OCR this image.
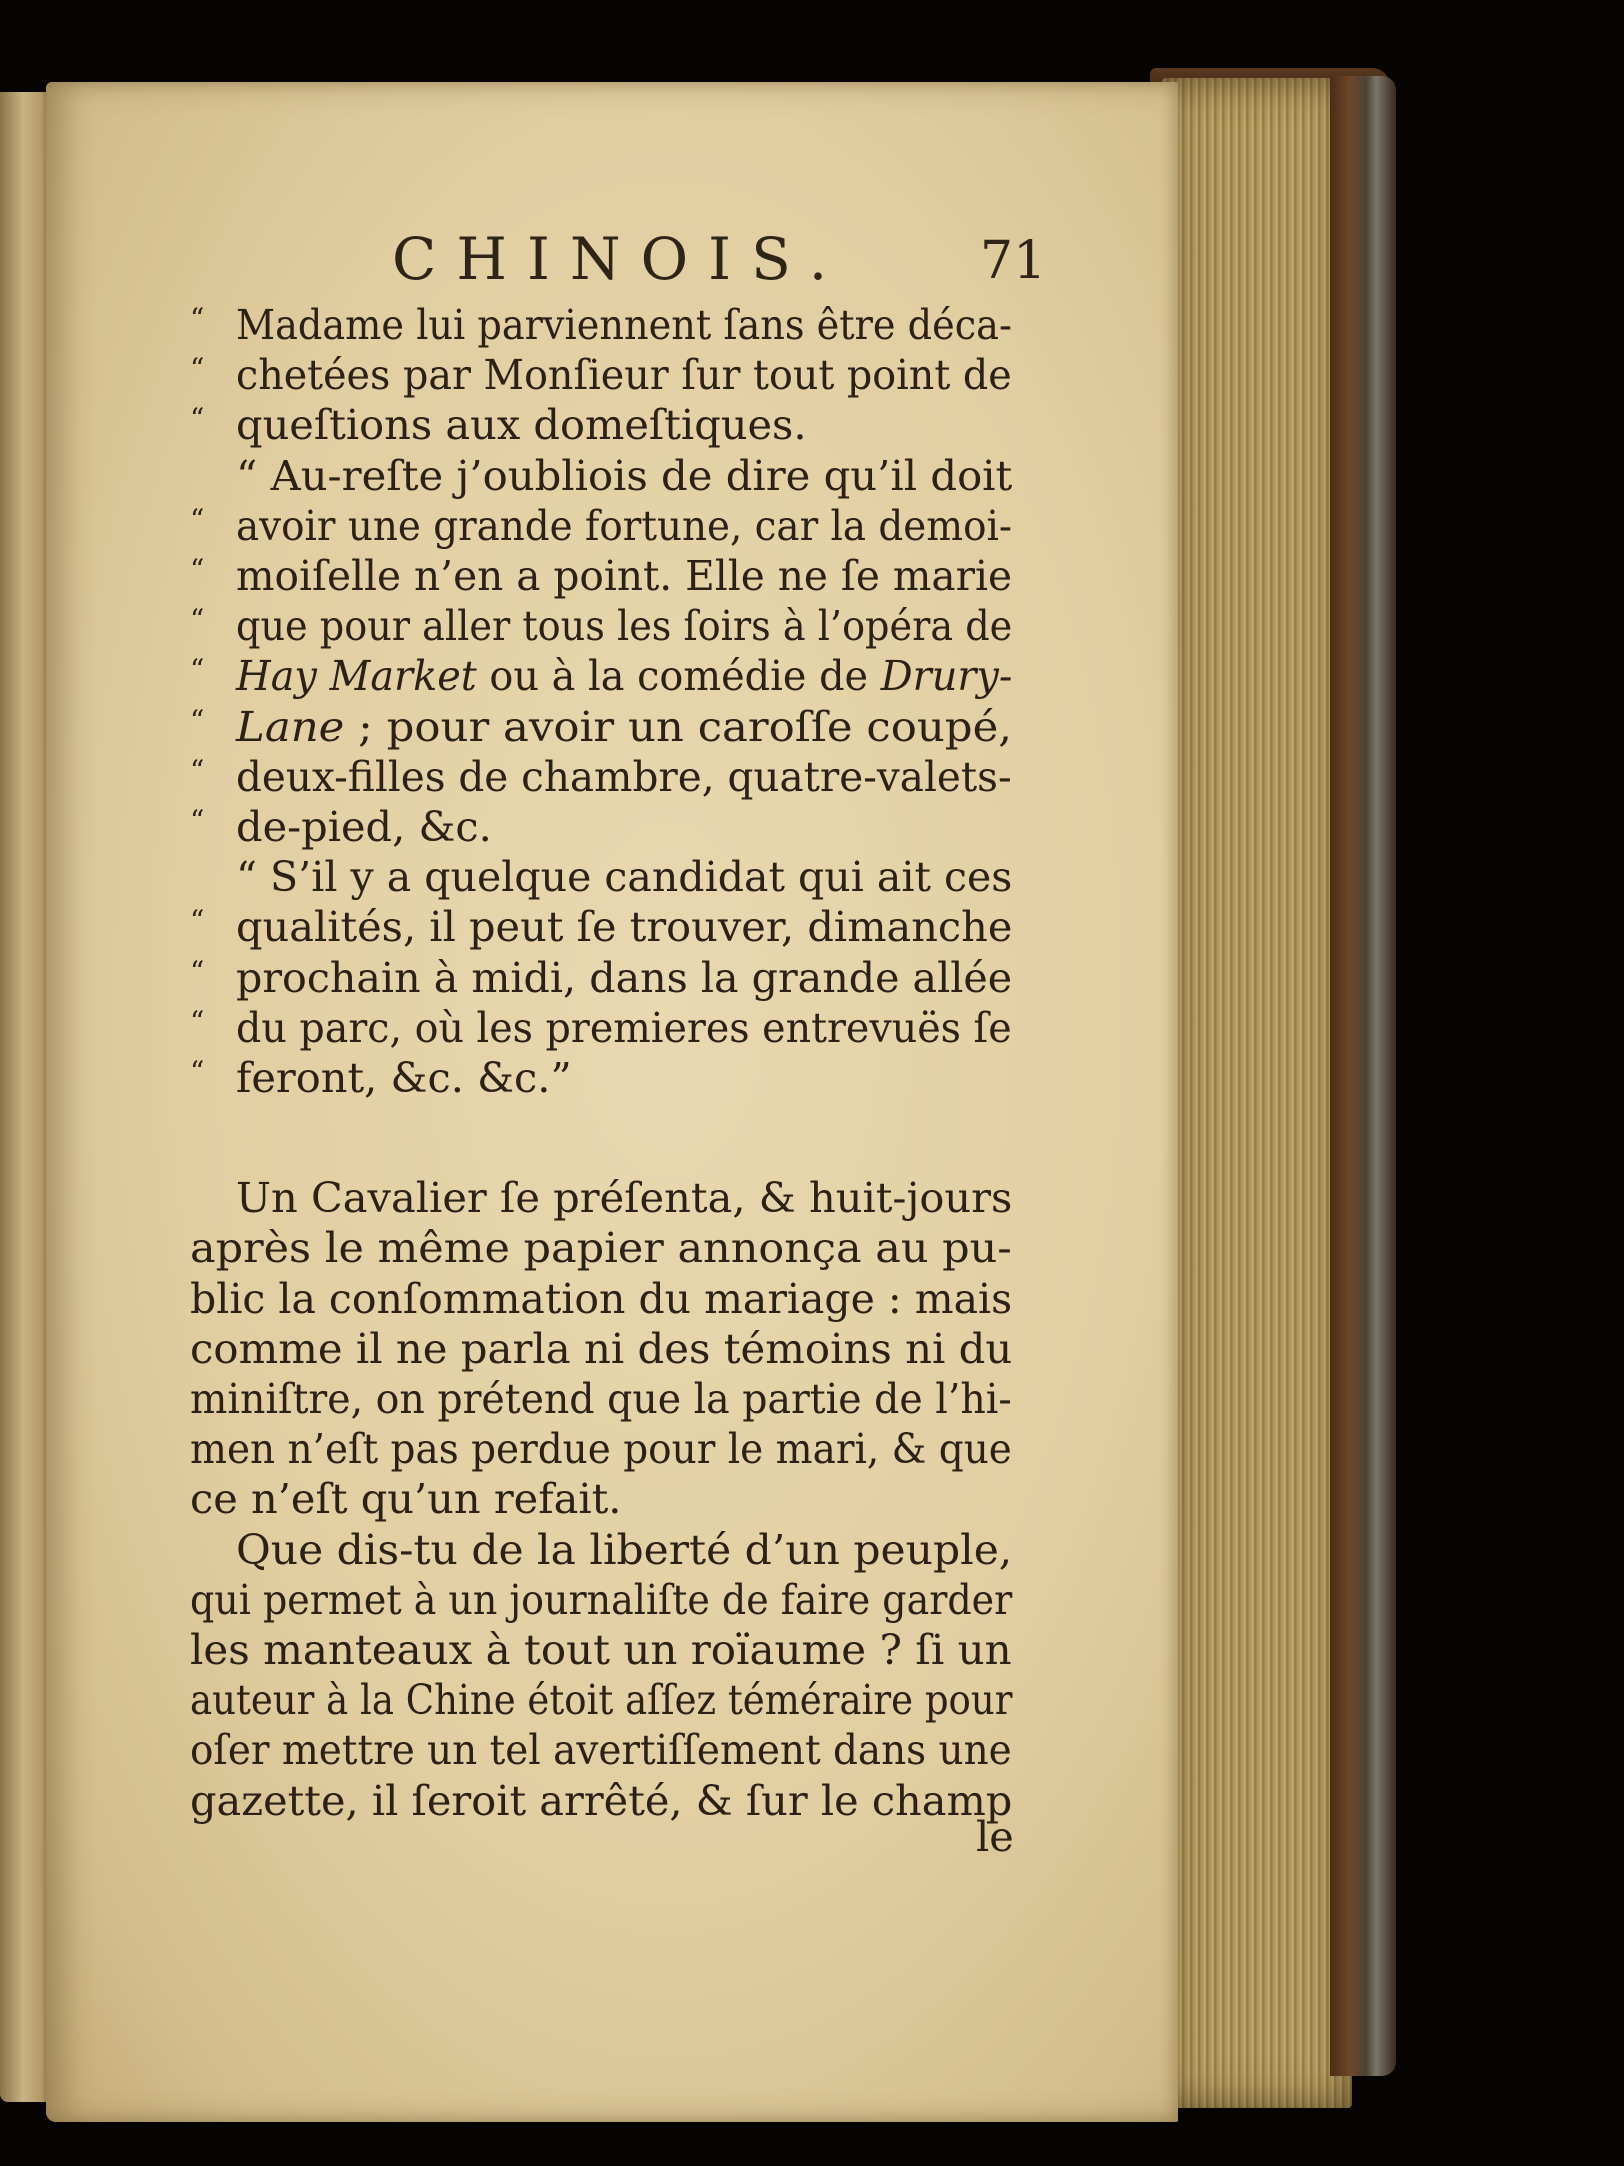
CHINOIS.	71
“ Madame lui parviennent ſans être déca-
“ chetées par Monſieur ſur tout point de
“ queſtions aux domeſtiques.
“ Au-reſte j’oubliois de dire qu’il doit
“ avoir une grande fortune, car la demoi-
“ moiſelle n’en a point. Elle ne ſe marie
“ que pour aller tous les ſoirs à l’opéra de
“ Hay Market ou à la comédie de Drury-
“ Lane ; pour avoir un caroſſe coupé,
“ deux-filles de chambre, quatre-valets-
“ de-pied, &c.
“ S’il y a quelque candidat qui ait ces
“ qualités, il peut ſe trouver, dimanche
“ prochain à midi, dans la grande allée
“ du parc, où les premieres entrevuës ſe
“ feront, &c. &c.”
Un Cavalier ſe préſenta, & huit-jours
après le même papier annonça au pu-
blic la conſommation du mariage : mais
comme il ne parla ni des témoins ni du
miniſtre, on prétend que la partie de l’hi-
men n’eſt pas perdue pour le mari, & que
ce n’eſt qu’un refait.
Que dis-tu de la liberté d’un peuple,
qui permet à un journaliſte de faire garder
les manteaux à tout un roïaume ? ſi un
auteur à la Chine étoit aſſez téméraire pour
oſer mettre un tel avertiſſement dans une
gazette, il ſeroit arrêté, & ſur le champ
le
